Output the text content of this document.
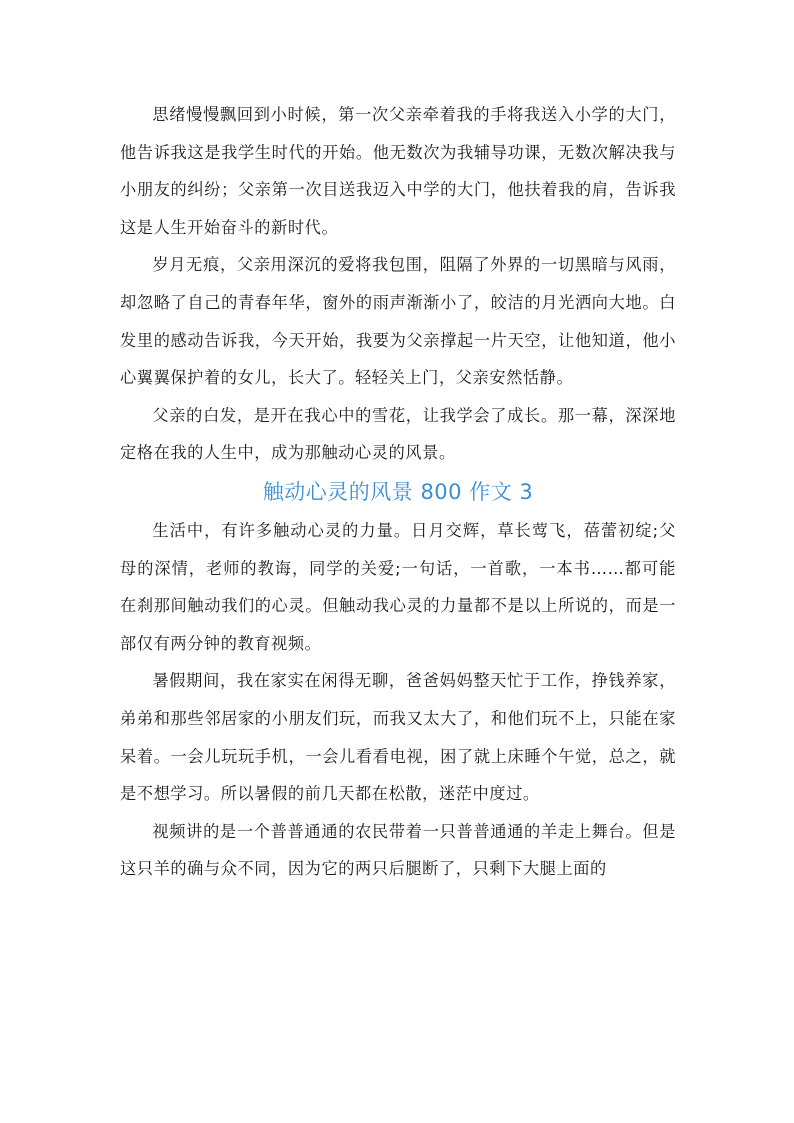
思绪慢慢飘回到小时候，第一次父亲牵着我的手将我送入小学的大门，他告诉我这是我学生时代的开始。他无数次为我辅导功课，无数次解决我与小朋友的纠纷；父亲第一次目送我迈入中学的大门，他扶着我的肩，告诉我这是人生开始奋斗的新时代。

岁月无痕，父亲用深沉的爱将我包围，阻隔了外界的一切黑暗与风雨，却忽略了自己的青春年华，窗外的雨声渐渐小了，皎洁的月光洒向大地。白发里的感动告诉我，今天开始，我要为父亲撑起一片天空，让他知道，他小心翼翼保护着的女儿，长大了。轻轻关上门，父亲安然恬静。

父亲的白发，是开在我心中的雪花，让我学会了成长。那一幕，深深地定格在我的人生中，成为那触动心灵的风景。

触动心灵的风景 800 作文 3

生活中，有许多触动心灵的力量。日月交辉，草长莺飞，蓓蕾初绽;父母的深情，老师的教诲，同学的关爱;一句话，一首歌，一本书……都可能在刹那间触动我们的心灵。但触动我心灵的力量都不是以上所说的，而是一部仅有两分钟的教育视频。

暑假期间，我在家实在闲得无聊，爸爸妈妈整天忙于工作，挣钱养家，弟弟和那些邻居家的小朋友们玩，而我又太大了，和他们玩不上，只能在家呆着。一会儿玩玩手机，一会儿看看电视，困了就上床睡个午觉，总之，就是不想学习。所以暑假的前几天都在松散，迷茫中度过。

视频讲的是一个普普通通的农民带着一只普普通通的羊走上舞台。但是这只羊的确与众不同，因为它的两只后腿断了，只剩下大腿上面的
